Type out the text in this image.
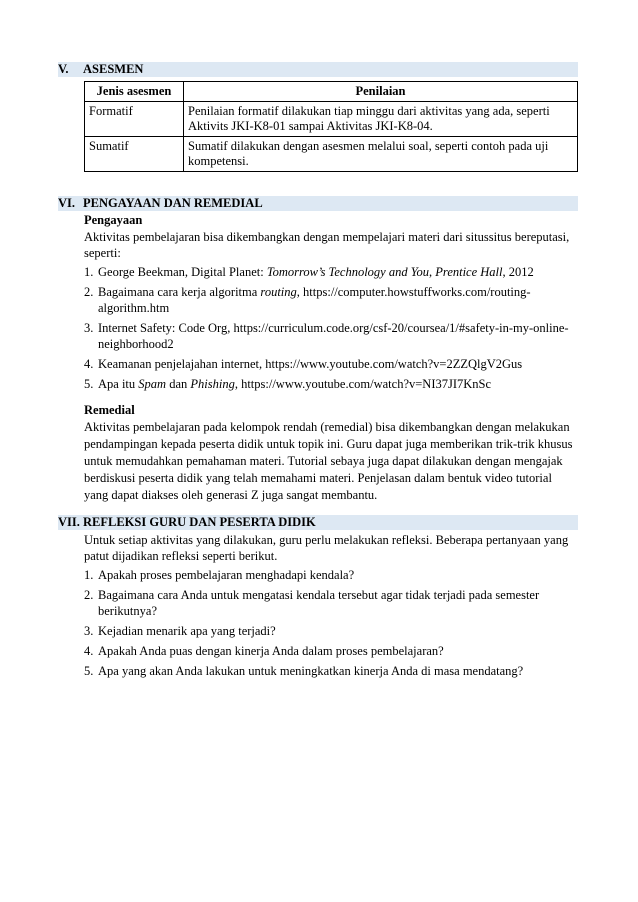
V. ASESMEN
Jenis asesmen	Penilaian
Formatif	Penilaian formatif dilakukan tiap minggu dari aktivitas yang ada, seperti Aktivits JKI-K8-01 sampai Aktivitas JKI-K8-04.
Sumatif	Sumatif dilakukan dengan asesmen melalui soal, seperti contoh pada uji kompetensi.
VI. PENGAYAAN DAN REMEDIAL

Pengayaan

Aktivitas pembelajaran bisa dikembangkan dengan mempelajari materi dari situssitus bereputasi, seperti:

1. George Beekman, Digital Planet: Tomorrow’s Technology and You, Prentice Hall, 2012
2. Bagaimana cara kerja algoritma routing, https://computer.howstuffworks.com/routing-algorithm.htm
3. Internet Safety: Code Org, https://curriculum.code.org/csf-20/coursea/1/#safety-in-my-online-neighborhood2
4. Keamanan penjelajahan internet, https://www.youtube.com/watch?v=2ZZQlgV2Gus
5. Apa itu Spam dan Phishing, https://www.youtube.com/watch?v=NI37JI7KnSc

Remedial

Aktivitas pembelajaran pada kelompok rendah (remedial) bisa dikembangkan dengan melakukan pendampingan kepada peserta didik untuk topik ini. Guru dapat juga memberikan trik-trik khusus untuk memudahkan pemahaman materi. Tutorial sebaya juga dapat dilakukan dengan mengajak berdiskusi peserta didik yang telah memahami materi. Penjelasan dalam bentuk video tutorial yang dapat diakses oleh generasi Z juga sangat membantu.

VII. REFLEKSI GURU DAN PESERTA DIDIK

Untuk setiap aktivitas yang dilakukan, guru perlu melakukan refleksi. Beberapa pertanyaan yang patut dijadikan refleksi seperti berikut.

1. Apakah proses pembelajaran menghadapi kendala?
2. Bagaimana cara Anda untuk mengatasi kendala tersebut agar tidak terjadi pada semester berikutnya?
3. Kejadian menarik apa yang terjadi?
4. Apakah Anda puas dengan kinerja Anda dalam proses pembelajaran?
5. Apa yang akan Anda lakukan untuk meningkatkan kinerja Anda di masa mendatang?
